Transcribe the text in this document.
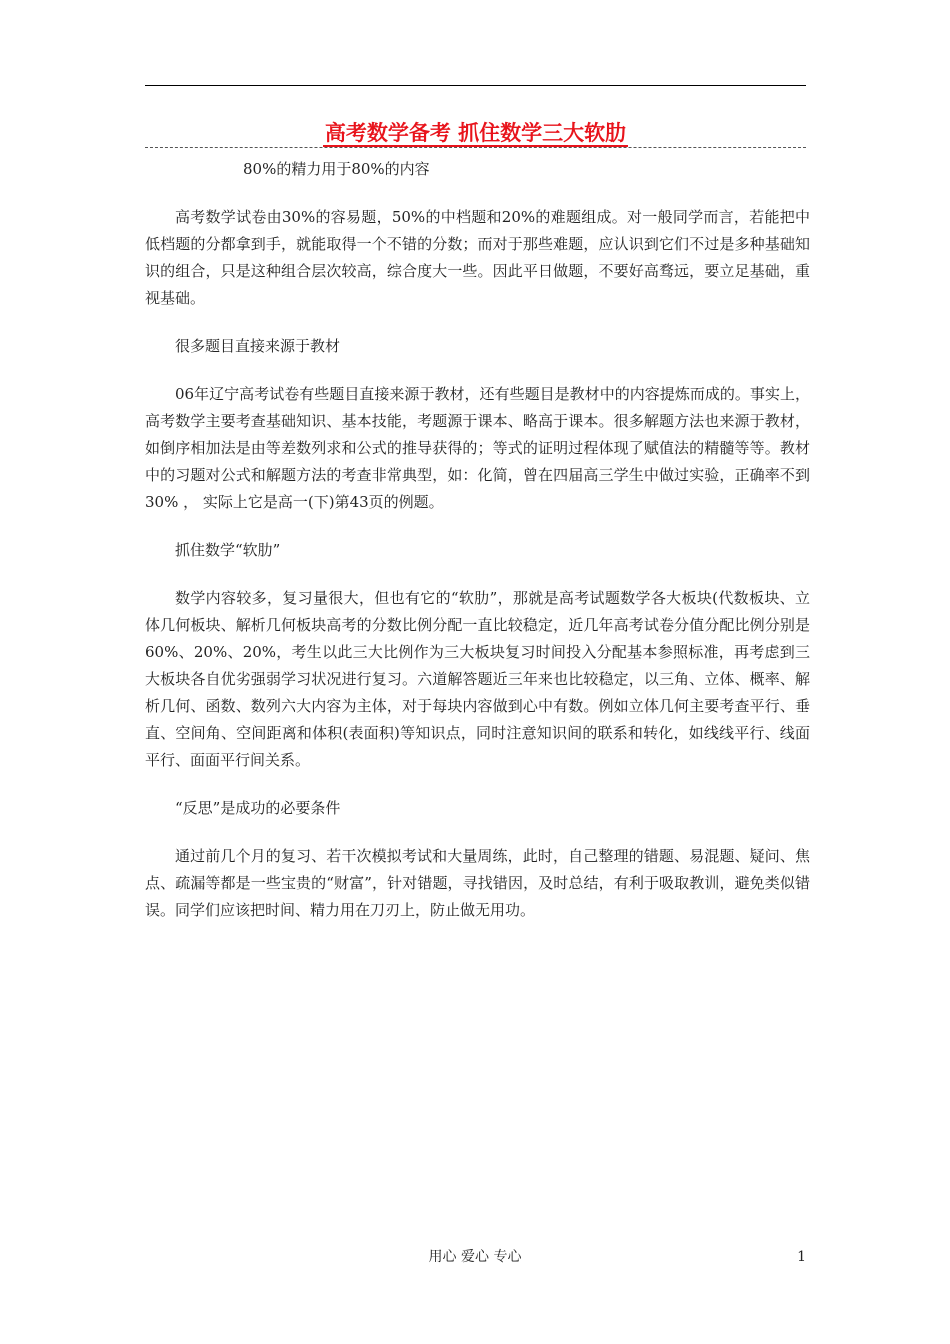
高考数学备考 抓住数学三大软肋

80%的精力用于80%的内容

高考数学试卷由30%的容易题，50%的中档题和20%的难题组成。对一般同学而言，若能把中低档题的分都拿到手，就能取得一个不错的分数；而对于那些难题，应认识到它们不过是多种基础知识的组合，只是这种组合层次较高，综合度大一些。因此平日做题，不要好高骛远，要立足基础，重视基础。

很多题目直接来源于教材

06年辽宁高考试卷有些题目直接来源于教材，还有些题目是教材中的内容提炼而成的。事实上，高考数学主要考查基础知识、基本技能，考题源于课本、略高于课本。很多解题方法也来源于教材，如倒序相加法是由等差数列求和公式的推导获得的；等式的证明过程体现了赋值法的精髓等等。教材中的习题对公式和解题方法的考查非常典型，如：化简，曾在四届高三学生中做过实验，正确率不到30% ， 实际上它是高一(下)第43页的例题。

抓住数学“软肋”

数学内容较多，复习量很大，但也有它的“软肋”，那就是高考试题数学各大板块(代数板块、立体几何板块、解析几何板块高考的分数比例分配一直比较稳定，近几年高考试卷分值分配比例分别是60%、20%、20%，考生以此三大比例作为三大板块复习时间投入分配基本参照标准，再考虑到三大板块各自优劣强弱学习状况进行复习。六道解答题近三年来也比较稳定，以三角、立体、概率、解析几何、函数、数列六大内容为主体，对于每块内容做到心中有数。例如立体几何主要考查平行、垂直、空间角、空间距离和体积(表面积)等知识点，同时注意知识间的联系和转化，如线线平行、线面平行、面面平行间关系。

“反思”是成功的必要条件

通过前几个月的复习、若干次模拟考试和大量周练，此时，自己整理的错题、易混题、疑问、焦点、疏漏等都是一些宝贵的“财富”，针对错题，寻找错因，及时总结，有利于吸取教训，避免类似错误。同学们应该把时间、精力用在刀刃上，防止做无用功。

用心 爱心 专心	1
